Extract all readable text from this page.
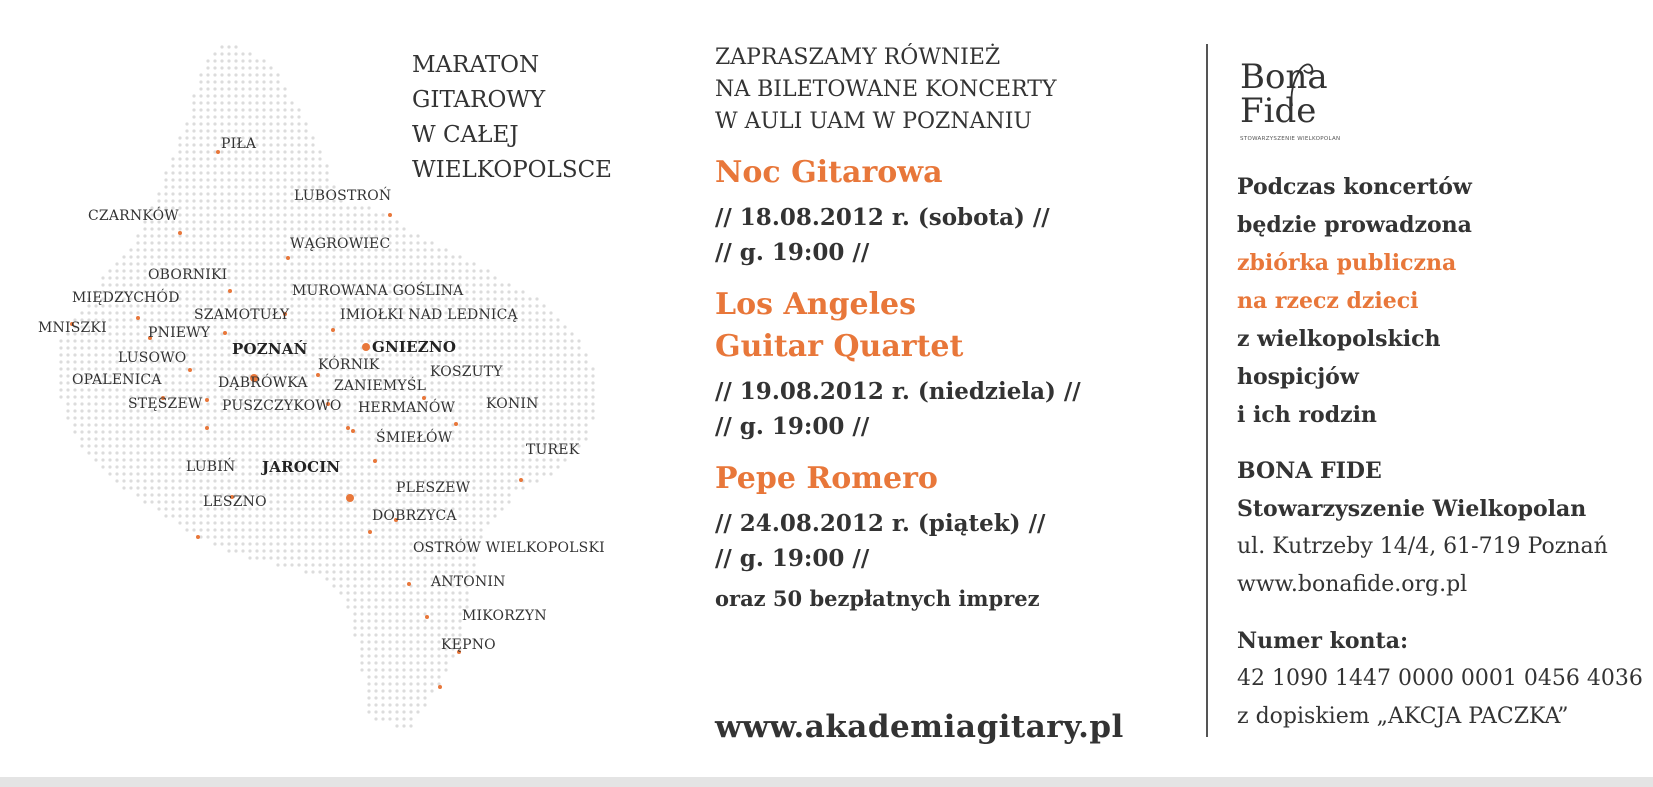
PIŁA
LUBOSTROŃ
CZARNKÓW
WĄGROWIEC
OBORNIKI
MUROWANA GOŚLINA
MIĘDZYCHÓD
SZAMOTUŁY	IMIOŁKI NAD LEDNICĄ
MNISZKI	PNIEWY
POZNAŃ	GNIEZNO
LUSOWO	KÓRNIK	KOSZUTY
OPALENICA	DĄBRÓWKA ZANIEMYŚL
STĘSZEW PUSZCZYKOWO HERMANÓW KONIN
ŚMIEŁÓW
TUREK
LUBIŃ JAROCIN
PLESZEW
LESZNO
DOBRZYCA
OSTRÓW WIELKOPOLSKI
ANTONIN
MIKORZYN
KĘPNO
MARATON
GITAROWY
W CAŁEJ
WIELKOPOLSCE
ZAPRASZAMY RÓWNIEŻ
NA BILETOWANE KONCERTY
W AULI UAM W POZNANIU
Noc Gitarowa
// 18.08.2012 r. (sobota) //
// g. 19:00 //
Los Angeles
Guitar Quartet
// 19.08.2012 r. (niedziela) //
// g. 19:00 //
Pepe Romero
// 24.08.2012 r. (piątek) //
// g. 19:00 //
oraz 50 bezpłatnych imprez
www.akademiagitary.pl
Bona
Fide
STOWARZYSZENIE WIELKOPOLAN
Podczas koncertów
będzie prowadzona
zbiórka publiczna
na rzecz dzieci
z wielkopolskich
hospicjów
i ich rodzin
BONA FIDE
Stowarzyszenie Wielkopolan
ul. Kutrzeby 14/4, 61-719 Poznań
www.bonafide.org.pl
Numer konta:
42 1090 1447 0000 0001 0456 4036
z dopiskiem „AKCJA PACZKA”
